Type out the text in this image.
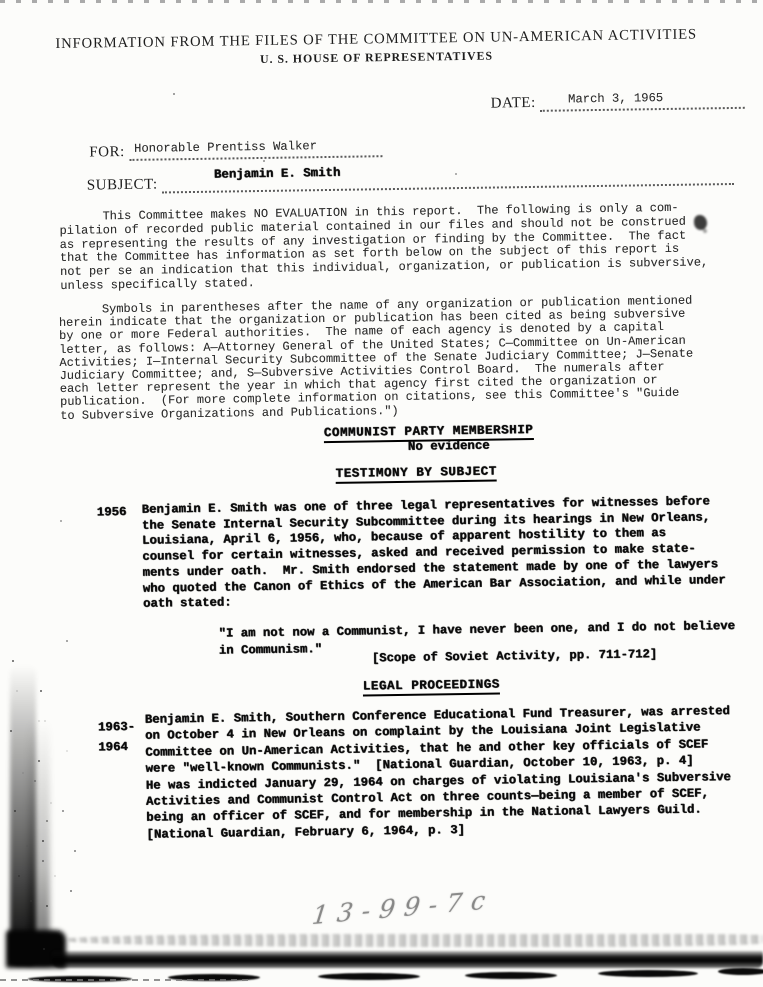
INFORMATION FROM THE FILES OF THE COMMITTEE ON UN-AMERICAN ACTIVITIES
U. S. HOUSE OF REPRESENTATIVES
DATE:	March 3, 1965
FOR: Honorable Prentiss Walker
SUBJECT:
Benjamin E. Smith
This Committee makes NO EVALUATION in this report.  The following is only a com-
pilation of recorded public material contained in our files and should not be construed
as representing the results of any investigation or finding by the Committee.  The fact
that the Committee has information as set forth below on the subject of this report is
not per se an indication that this individual, organization, or publication is subversive,
unless specifically stated.
Symbols in parentheses after the name of any organization or publication mentioned
herein indicate that the organization or publication has been cited as being subversive
by one or more Federal authorities.  The name of each agency is denoted by a capital
letter, as follows: A—Attorney General of the United States; C—Committee on Un-American
Activities; I—Internal Security Subcommittee of the Senate Judiciary Committee; J—Senate
Judiciary Committee; and, S—Subversive Activities Control Board.  The numerals after
each letter represent the year in which that agency first cited the organization or
publication.  (For more complete information on citations, see this Committee's "Guide
to Subversive Organizations and Publications.")
COMMUNIST PARTY MEMBERSHIP
No evidence
TESTIMONY BY SUBJECT
1956 Benjamin E. Smith was one of three legal representatives for witnesses before
the Senate Internal Security Subcommittee during its hearings in New Orleans,
Louisiana, April 6, 1956, who, because of apparent hostility to them as
counsel for certain witnesses, asked and received permission to make state-
ments under oath.  Mr. Smith endorsed the statement made by one of the lawyers
who quoted the Canon of Ethics of the American Bar Association, and while under
oath stated:
"I am not now a Communist, I have never been one, and I do not believe
in Communism."	[Scope of Soviet Activity, pp. 711-712]
LEGAL PROCEEDINGS
1963-
1964
Benjamin E. Smith, Southern Conference Educational Fund Treasurer, was arrested
on October 4 in New Orleans on complaint by the Louisiana Joint Legislative
Committee on Un-American Activities, that he and other key officials of SCEF
were "well-known Communists."  [National Guardian, October 10, 1963, p. 4]
He was indicted January 29, 1964 on charges of violating Louisiana's Subversive
Activities and Communist Control Act on three counts—being a member of SCEF,
being an officer of SCEF, and for membership in the National Lawyers Guild.
[National Guardian, February 6, 1964, p. 3]
13-99-7c
